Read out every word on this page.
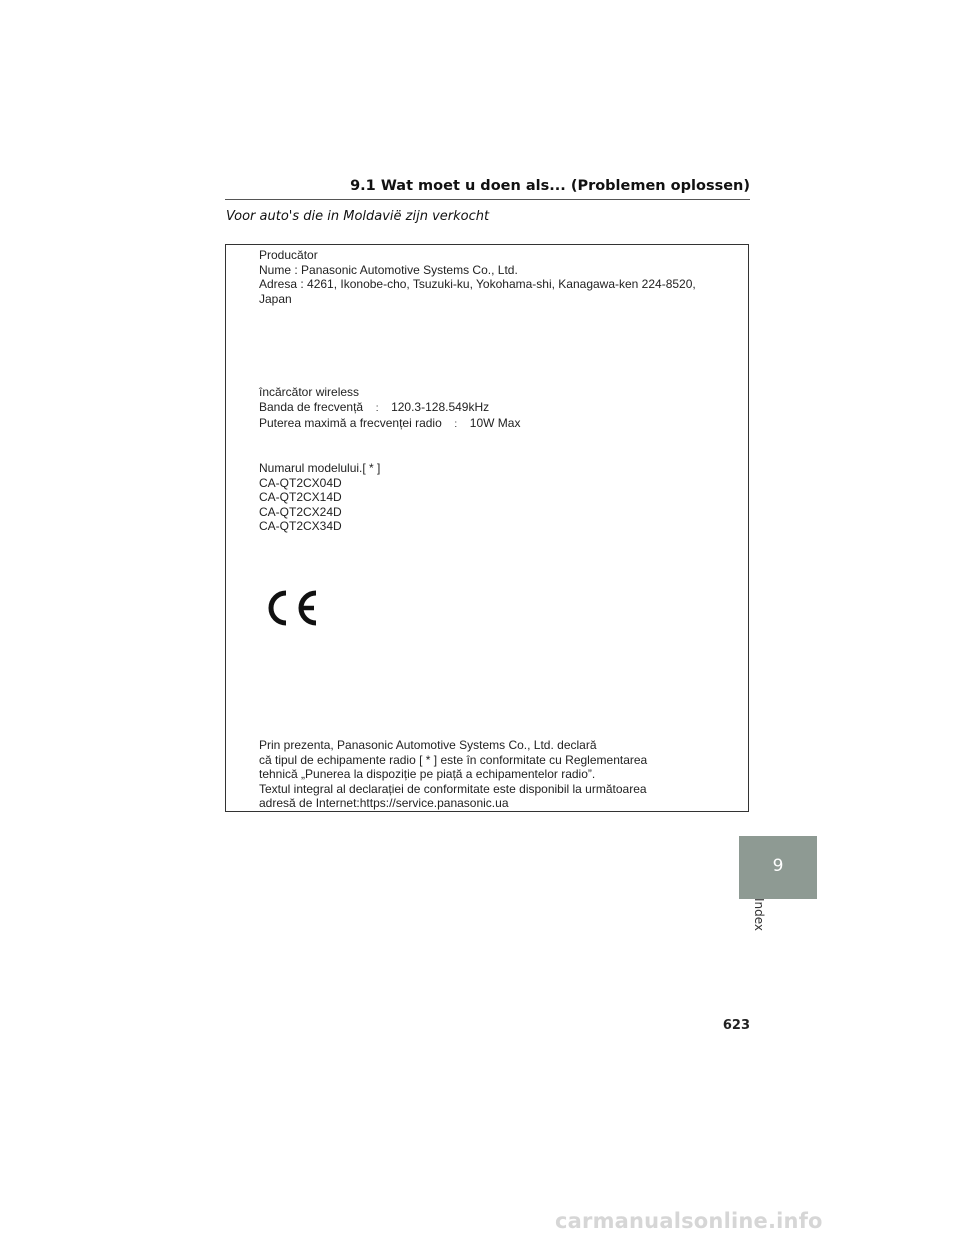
9.1 Wat moet u doen als... (Problemen oplossen)
Voor auto's die in Moldavië zijn verkocht
Producător
Nume : Panasonic Automotive Systems Co., Ltd.
Adresa : 4261, Ikonobe-cho, Tsuzuki-ku, Yokohama-shi, Kanagawa-ken 224-8520,
Japan
încărcător wireless
Banda de frecvență : 120.3-128.549kHz
Puterea maximă a frecvenței radio : 10W Max
Numarul modelului.[ * ]
CA-QT2CX04D
CA-QT2CX14D
CA-QT2CX24D
CA-QT2CX34D
Prin prezenta, Panasonic Automotive Systems Co., Ltd. declară
că tipul de echipamente radio [ * ] este în conformitate cu Reglementarea
tehnică „Punerea la dispoziție pe piață a echipamentelor radio”.
Textul integral al declarației de conformitate este disponibil la următoarea
adresă de Internet:https://service.panasonic.ua
9
Index
623
carmanualsonline.info
